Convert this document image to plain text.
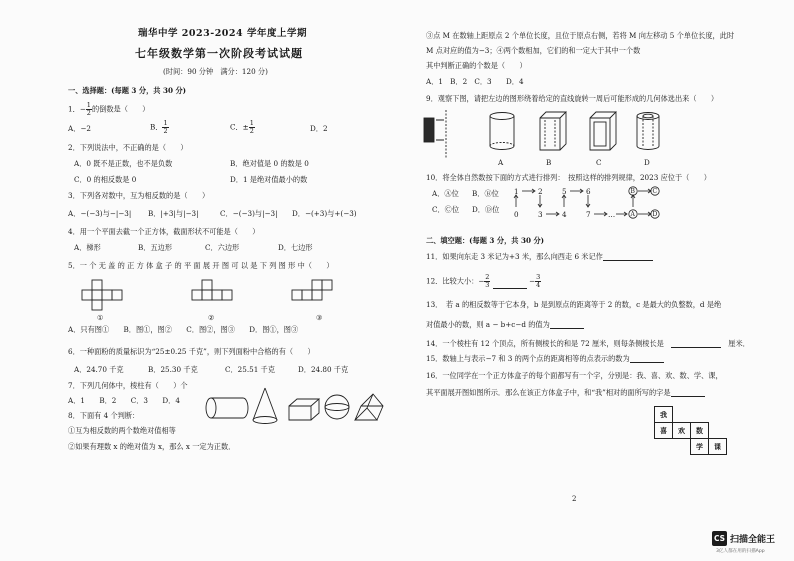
瑞华中学 2023-2024 学年度上学期
七年级数学第一次阶段考试试题
(时间：90 分钟　满分：120 分)
一、选择题：(每题 3 分，共 30 分)
1．− $\frac{1}{2}$ 的倒数是（　　）
A．−2	B． $\frac{1}{2}$	C．± $\frac{1}{2}$	D．2
2．下列说法中，不正确的是（　　）
A．0 既不是正数，也不是负数	B．绝对值是 0 的数是 0
C．0 的相反数是 0	D．1 是绝对值最小的数
3．下列各对数中，互为相反数的是（　　）
A．−(−3)与−|−3| B．|+3|与|−3|	C．−(−3)与|−3| D．−(+3)与+(−3)
4．用一个平面去截一个正方体，截面形状不可能是（　　）
A．梯形	B．五边形	C．六边形	D．七边形
5．一 个 无 盖 的 正 方 体 盒 子 的 平 面 展 开 图 可 以 是 下 列 图 形 中（　　）
①	②	③
A．只有图①　　B．图①，图②　　C．图②，图③　　D．图①，图③
6．一种面粉的质量标识为“25±0.25 千克”，则下列面粉中合格的有（　　）
A．24.70 千克	B．25.30 千克	C．25.51 千克	D．24.80 千克
7．下列几何体中，棱柱有（　　）个
A．1　　B．2　　C．3　　D．4
8．下面有 4 个判断：
①互为相反数的两个数绝对值相等
②如果有理数 x 的绝对值为 x，那么 x 一定为正数．
③点 M 在数轴上距原点 2 个单位长度，且位于原点右侧，若将 M 向左移动 5 个单位长度，此时
M 点对应的值为−3；④两个数相加，它们的和一定大于其中一个数
其中判断正确的个数是（　　）
A．1　B．2　C．3　　D．4
9．观察下图，请把左边的图形绕着给定的直线旋转一周后可能形成的几何体选出来（　　）
A	B	C	D
10．将全体自然数按下面的方式进行排列：　按照这样的排列规律，2023 应位于（　　）
A．Ⓐ位 B．Ⓑ位
C．Ⓒ位 D．Ⓓ位
1	2	5	6
0	3	4	7 …
B
A
C
D
二、填空题：(每题 3 分，共 30 分)
11．如果向东走 3 米记为+3 米，那么向西走 6 米记作
12．比较大小：− $\frac{2}{3}$	− $\frac{3}{4}$
13．　若 a 的相反数等于它本身，b 是到原点的距离等于 2 的数，c 是最大的负整数，d 是绝
对值最小的数，则 a − b+c−d 的值为
14．一个棱柱有 12 个顶点，所有侧棱长的和是 72 厘米，则每条侧棱长是　　	厘米．
15．数轴上与表示−7 和 3 的两个点的距离相等的点表示的数为
16．一位同学在一个正方体盒子的每个面都写有一个字，分别是：我、喜、欢、数、学、课，
其平面展开图如图所示．那么在该正方体盒子中，和“我”相对的面所写的字是
我
喜	欢	数
学	课
2
CS 扫描全能王
3亿人都在用的扫描App
